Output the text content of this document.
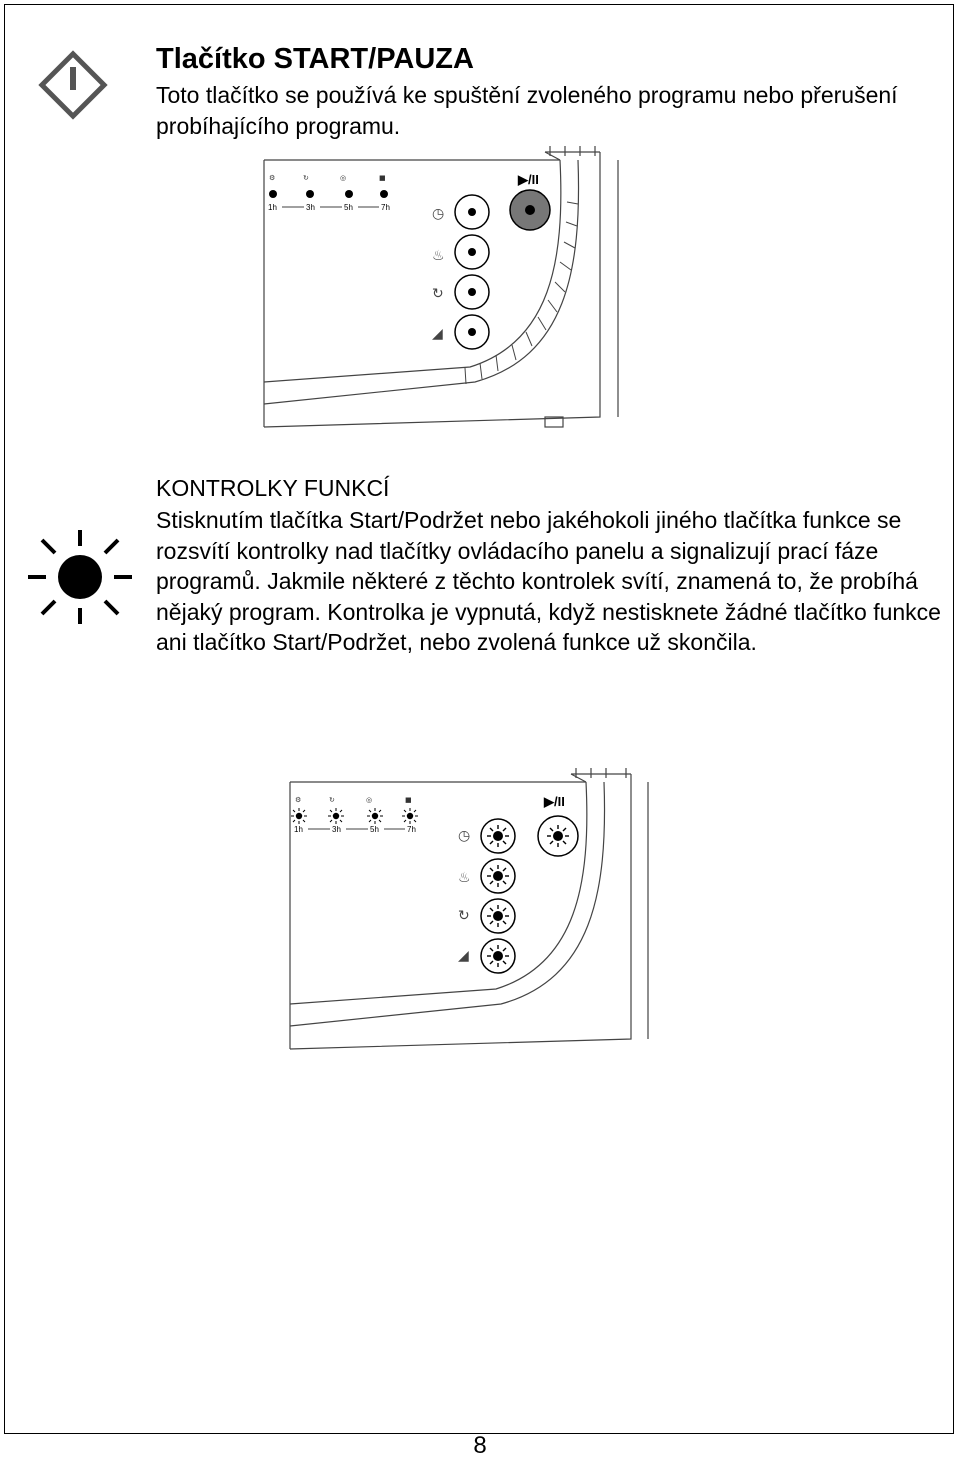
Tlačítko START/PAUZA
Toto tlačítko se používá ke spuštění zvoleného programu nebo přerušení probíhajícího programu.
⚙	↻	◎	■
1h	3h	5h	7h
▶/II
◷
♨
↻
◢
KONTROLKY FUNKCÍ
Stisknutím tlačítka Start/Podržet nebo jakéhokoli jiného tlačítka funkce se rozsvítí kontrolky nad tlačítky ovládacího panelu a signalizují prací fáze programů. Jakmile některé z těchto kontrolek svítí, znamená to, že probíhá nějaký program. Kontrolka je vypnutá, když nestisknete žádné tlačítko funkce ani tlačítko Start/Podržet, nebo zvolená funkce už skončila.
⚙	↻	◎	■
1h	3h	5h	7h
▶/II
◷
♨
↻
◢
8
